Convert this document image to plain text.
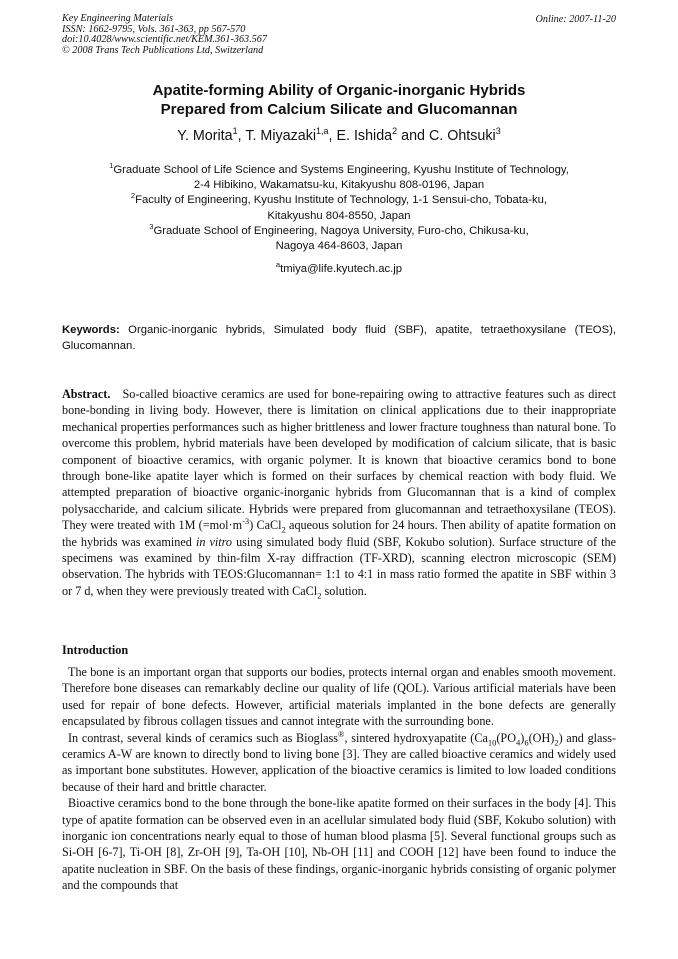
Key Engineering Materials
ISSN: 1662-9795, Vols. 361-363, pp 567-570
doi:10.4028/www.scientific.net/KEM.361-363.567
© 2008 Trans Tech Publications Ltd, Switzerland
Online: 2007-11-20
Apatite-forming Ability of Organic-inorganic Hybrids
Prepared from Calcium Silicate and Glucomannan
Y. Morita$^1$, T. Miyazaki$^{1,a}$, E. Ishida$^2$ and C. Ohtsuki$^3$
$^1$Graduate School of Life Science and Systems Engineering, Kyushu Institute of Technology,
2-4 Hibikino, Wakamatsu-ku, Kitakyushu 808-0196, Japan
$^2$Faculty of Engineering, Kyushu Institute of Technology, 1-1 Sensui-cho, Tobata-ku,
Kitakyushu 804-8550, Japan
$^3$Graduate School of Engineering, Nagoya University, Furo-cho, Chikusa-ku,
Nagoya 464-8603, Japan
$^a$tmiya@life.kyutech.ac.jp
Keywords: Organic-inorganic hybrids, Simulated body fluid (SBF), apatite, tetraethoxysilane (TEOS), Glucomannan.

Abstract. So-called bioactive ceramics are used for bone-repairing owing to attractive features such as direct bone-bonding in living body. However, there is limitation on clinical applications due to their inappropriate mechanical properties performances such as higher brittleness and lower fracture toughness than natural bone. To overcome this problem, hybrid materials have been developed by modification of calcium silicate, that is basic component of bioactive ceramics, with organic polymer. It is known that bioactive ceramics bond to bone through bone-like apatite layer which is formed on their surfaces by chemical reaction with body fluid. We attempted preparation of bioactive organic-inorganic hybrids from Glucomannan that is a kind of complex polysaccharide, and calcium silicate. Hybrids were prepared from glucomannan and tetraethoxysilane (TEOS). They were treated with 1M $(=mol\cdot m^{-3})$ CaCl$_2$ aqueous solution for 24 hours. Then ability of apatite formation on the hybrids was examined in vitro using simulated body fluid (SBF, Kokubo solution). Surface structure of the specimens was examined by thin-film X-ray diffraction (TF-XRD), scanning electron microscopic (SEM) observation. The hybrids with TEOS:Glucomannan= 1:1 to 4:1 in mass ratio formed the apatite in SBF within 3 or 7 d, when they were previously treated with CaCl$_2$ solution.

Introduction

The bone is an important organ that supports our bodies, protects internal organ and enables smooth movement. Therefore bone diseases can remarkably decline our quality of life (QOL). Various artificial materials have been used for repair of bone defects. However, artificial materials implanted in the bone defects are generally encapsulated by fibrous collagen tissues and cannot integrate with the surrounding bone.

In contrast, several kinds of ceramics such as Bioglass®, sintered hydroxyapatite $(Ca_{10}(PO_4)_6(OH)_2)$ and glass-ceramics A-W are known to directly bond to living bone [3]. They are called bioactive ceramics and widely used as important bone substitutes. However, application of the bioactive ceramics is limited to low loaded conditions because of their hard and brittle character.

Bioactive ceramics bond to the bone through the bone-like apatite formed on their surfaces in the body [4]. This type of apatite formation can be observed even in an acellular simulated body fluid (SBF, Kokubo solution) with inorganic ion concentrations nearly equal to those of human blood plasma [5]. Several functional groups such as Si-OH [6-7], Ti-OH [8], Zr-OH [9], Ta-OH [10], Nb-OH [11] and COOH [12] have been found to induce the apatite nucleation in SBF. On the basis of these findings, organic-inorganic hybrids consisting of organic polymer and the compounds that
